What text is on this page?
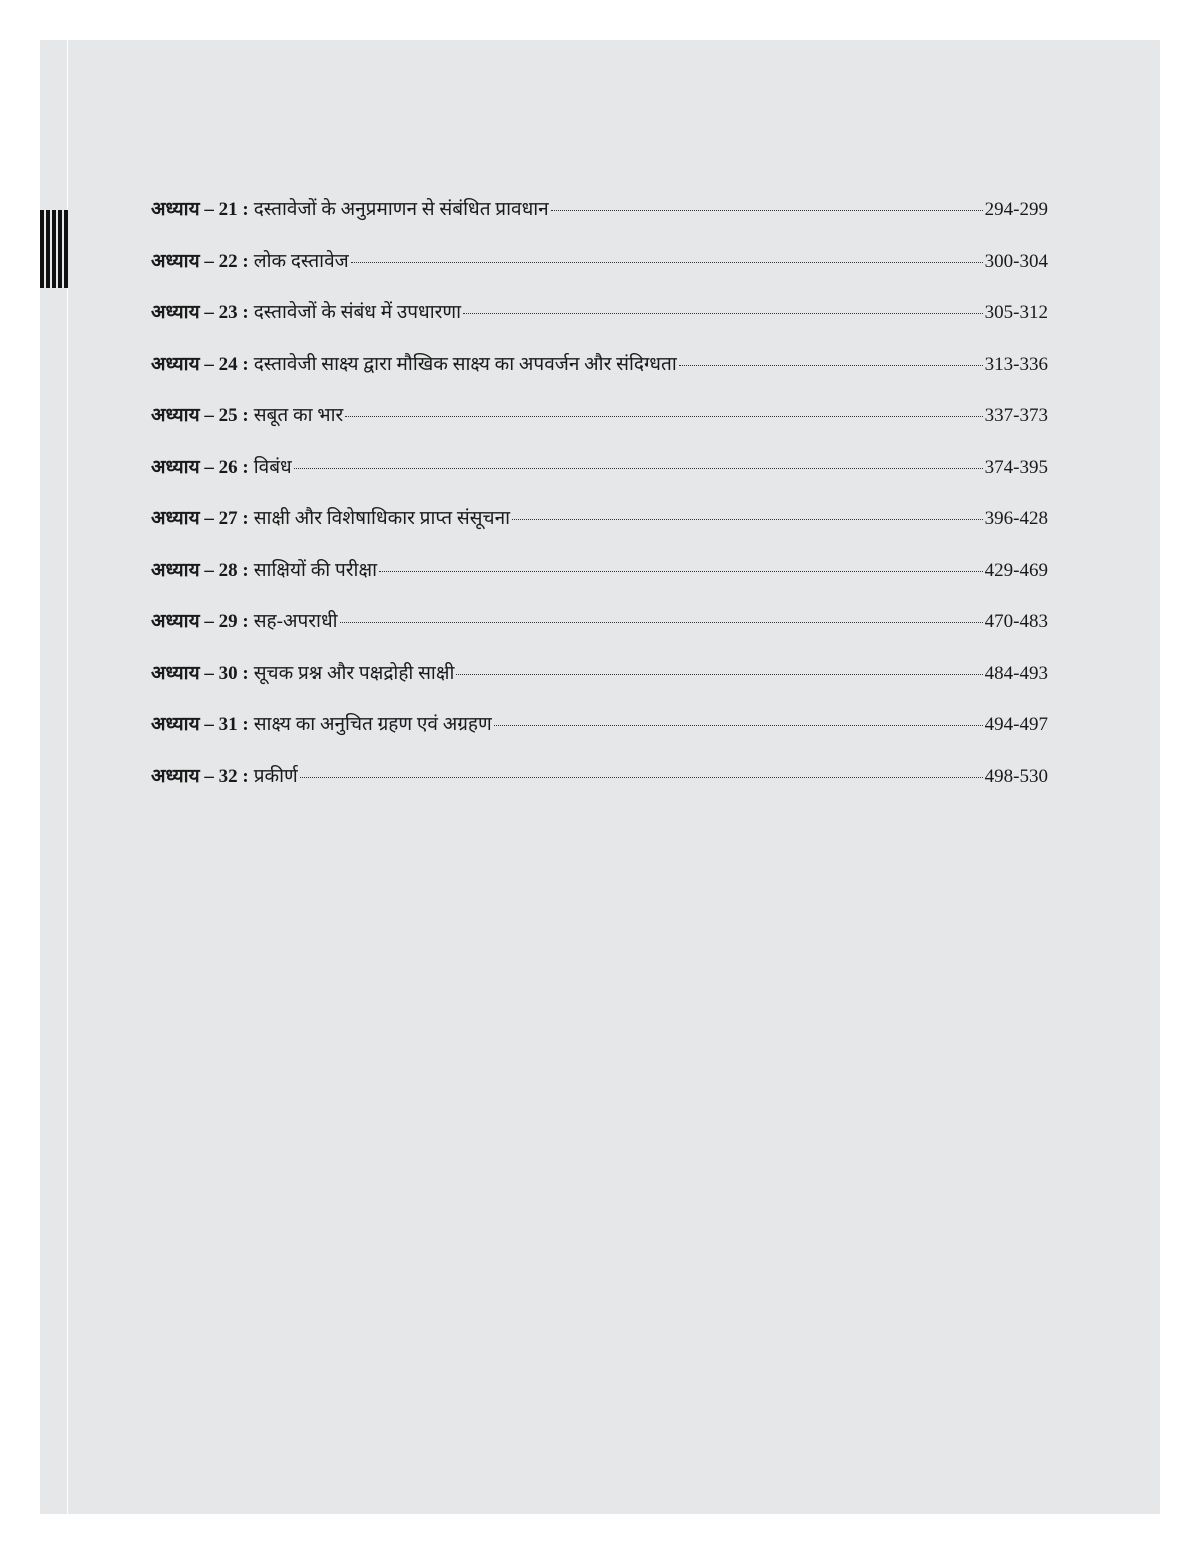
अध्याय – 21 : दस्तावेजों के अनुप्रमाणन से संबंधित प्रावधान	294-299
अध्याय – 22 : लोक दस्तावेज	300-304
अध्याय – 23 : दस्तावेजों के संबंध में उपधारणा	305-312
अध्याय – 24 : दस्तावेजी साक्ष्य द्वारा मौखिक साक्ष्य का अपवर्जन और संदिग्धता	313-336
अध्याय – 25 : सबूत का भार	337-373
अध्याय – 26 : विबंध	374-395
अध्याय – 27 : साक्षी और विशेषाधिकार प्राप्त संसूचना	396-428
अध्याय – 28 : साक्षियों की परीक्षा	429-469
अध्याय – 29 : सह-अपराधी	470-483
अध्याय – 30 : सूचक प्रश्न और पक्षद्रोही साक्षी	484-493
अध्याय – 31 : साक्ष्य का अनुचित ग्रहण एवं अग्रहण	494-497
अध्याय – 32 : प्रकीर्ण	498-530
